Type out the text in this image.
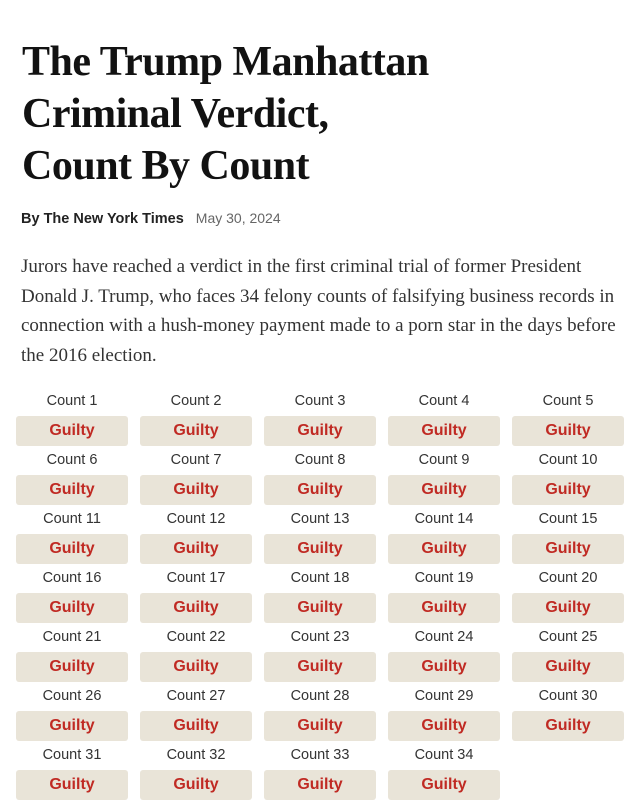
The Trump Manhattan
Criminal Verdict,
Count By Count
By The New York Times May 30, 2024

Jurors have reached a verdict in the first criminal trial of former President Donald J. Trump, who faces 34 felony counts of falsifying business records in connection with a hush-money payment made to a porn star in the days before the 2016 election.

Count 1
Guilty
Count 2
Guilty
Count 3
Guilty
Count 4
Guilty
Count 5
Guilty
Count 6
Guilty
Count 7
Guilty
Count 8
Guilty
Count 9
Guilty
Count 10
Guilty
Count 11
Guilty
Count 12
Guilty
Count 13
Guilty
Count 14
Guilty
Count 15
Guilty
Count 16
Guilty
Count 17
Guilty
Count 18
Guilty
Count 19
Guilty
Count 20
Guilty
Count 21
Guilty
Count 22
Guilty
Count 23
Guilty
Count 24
Guilty
Count 25
Guilty
Count 26
Guilty
Count 27
Guilty
Count 28
Guilty
Count 29
Guilty
Count 30
Guilty
Count 31
Guilty
Count 32
Guilty
Count 33
Guilty
Count 34
Guilty
